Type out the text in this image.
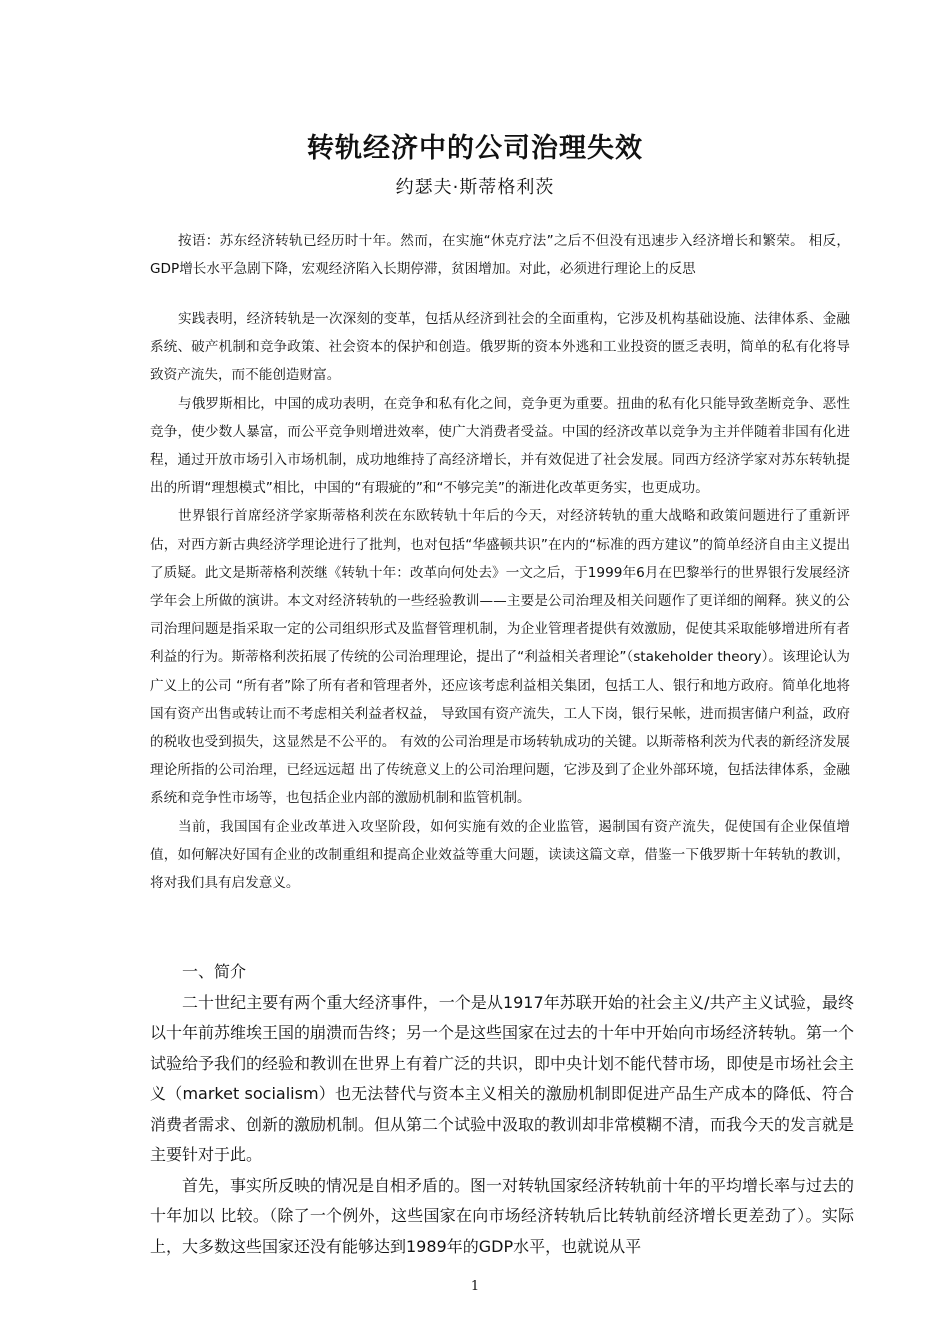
转轨经济中的公司治理失效
约瑟夫·斯蒂格利茨

按语：苏东经济转轨已经历时十年。然而，在实施“休克疗法”之后不但没有迅速步入经济增长和繁荣。 相反，GDP增长水平急剧下降，宏观经济陷入长期停滞，贫困增加。对此，必须进行理论上的反思

实践表明，经济转轨是一次深刻的变革，包括从经济到社会的全面重构，它涉及机构基础设施、法律体系、金融系统、破产机制和竞争政策、社会资本的保护和创造。俄罗斯的资本外逃和工业投资的匮乏表明，简单的私有化将导致资产流失，而不能创造财富。

与俄罗斯相比，中国的成功表明，在竞争和私有化之间，竞争更为重要。扭曲的私有化只能导致垄断竞争、恶性竞争，使少数人暴富，而公平竞争则增进效率，使广大消费者受益。中国的经济改革以竞争为主并伴随着非国有化进程，通过开放市场引入市场机制，成功地维持了高经济增长，并有效促进了社会发展。同西方经济学家对苏东转轨提出的所谓“理想模式”相比，中国的“有瑕疵的”和“不够完美”的渐进化改革更务实，也更成功。

世界银行首席经济学家斯蒂格利茨在东欧转轨十年后的今天，对经济转轨的重大战略和政策问题进行了重新评估，对西方新古典经济学理论进行了批判，也对包括“华盛顿共识”在内的“标准的西方建议”的简单经济自由主义提出了质疑。此文是斯蒂格利茨继《转轨十年：改革向何处去》一文之后，于1999年6月在巴黎举行的世界银行发展经济学年会上所做的演讲。本文对经济转轨的一些经验教训——主要是公司治理及相关问题作了更详细的阐释。狭义的公司治理问题是指采取一定的公司组织形式及监督管理机制，为企业管理者提供有效激励，促使其采取能够增进所有者利益的行为。斯蒂格利茨拓展了传统的公司治理理论，提出了“利益相关者理论”（stakeholder theory）。该理论认为广义上的公司 “所有者”除了所有者和管理者外，还应该考虑利益相关集团，包括工人、银行和地方政府。简单化地将国有资产出售或转让而不考虑相关利益者权益， 导致国有资产流失，工人下岗，银行呆帐，进而损害储户利益，政府的税收也受到损失，这显然是不公平的。 有效的公司治理是市场转轨成功的关键。以斯蒂格利茨为代表的新经济发展理论所指的公司治理，已经远远超 出了传统意义上的公司治理问题，它涉及到了企业外部环境，包括法律体系，金融系统和竞争性市场等，也包括企业内部的激励机制和监管机制。

当前，我国国有企业改革进入攻坚阶段，如何实施有效的企业监管，遏制国有资产流失，促使国有企业保值增值，如何解决好国有企业的改制重组和提高企业效益等重大问题，读读这篇文章，借鉴一下俄罗斯十年转轨的教训，将对我们具有启发意义。

一、简介

二十世纪主要有两个重大经济事件，一个是从1917年苏联开始的社会主义/共产主义试验，最终以十年前苏维埃王国的崩溃而告终；另一个是这些国家在过去的十年中开始向市场经济转轨。第一个试验给予我们的经验和教训在世界上有着广泛的共识，即中央计划不能代替市场，即使是市场社会主义（market socialism）也无法替代与资本主义相关的激励机制即促进产品生产成本的降低、符合消费者需求、创新的激励机制。但从第二个试验中汲取的教训却非常模糊不清，而我今天的发言就是主要针对于此。

首先，事实所反映的情况是自相矛盾的。图一对转轨国家经济转轨前十年的平均增长率与过去的十年加以 比较。（除了一个例外，这些国家在向市场经济转轨后比转轨前经济增长更差劲了）。实际上，大多数这些国家还没有能够达到1989年的GDP水平，也就说从平

1
